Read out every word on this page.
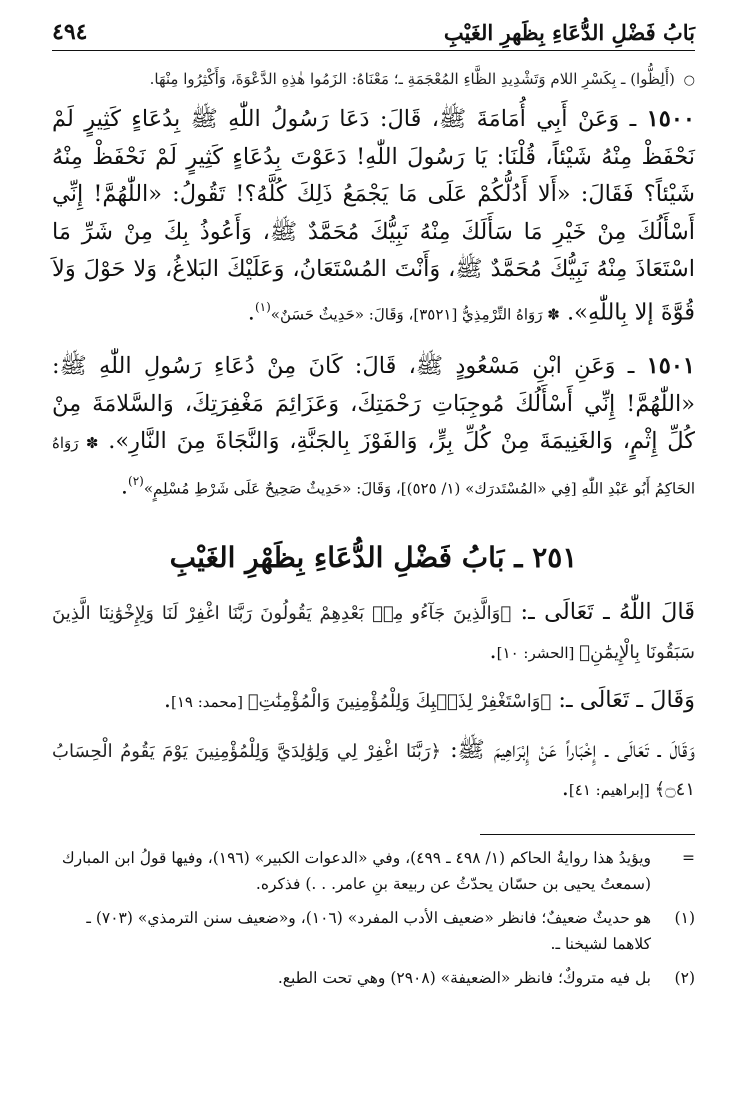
بَابُ فَضْلِ الدُّعَاءِ بِظَهرِ الغَيْبِ
٤٩٤

○ (أَلِظُّوا) ـ بِكَسْرِ اللام وَتَشْدِيدِ الظَّاءِ المُعْجَمَةِ ـ؛ مَعْنَاهُ: الزَمُوا هٰذِهِ الدَّعْوَةَ، وَأَكْثِرُوا مِنْهَا.

١٥٠٠ ـ وَعَنْ أَبِي أُمَامَةَ ﷺ، قَالَ: دَعَا رَسُولُ اللّٰهِ ﷺ بِدُعَاءٍ كَثِيرٍ لَمْ نَحْفَظْ مِنْهُ شَيْئاً، قُلْنَا: يَا رَسُولَ اللّٰهِ! دَعَوْتَ بِدُعَاءٍ كَثِيرٍ لَمْ نَحْفَظْ مِنْهُ شَيْئاً؟ فَقَالَ: «أَلا أَدُلُّكُمْ عَلَى مَا يَجْمَعُ ذَلِكَ كُلَّهُ؟! تَقُولُ: «اللّٰهُمَّ! إِنِّي أَسْأَلُكَ مِنْ خَيْرِ مَا سَأَلَكَ مِنْهُ نَبِيُّكَ مُحَمَّدٌ ﷺ، وَأَعُوذُ بِكَ مِنْ شَرِّ مَا اسْتَعَاذَ مِنْهُ نَبِيُّكَ مُحَمَّدٌ ﷺ، وَأَنْتَ المُسْتَعَانُ، وَعَلَيْكَ البَلاغُ، وَلا حَوْلَ وَلاَ قُوَّةَ إلا بِاللّٰهِ». ✽ رَوَاهُ التِّرْمِذِيُّ [٣٥٢١]، وَقَالَ: «حَدِيثٌ حَسَنٌ»$^{(١)}$.

١٥٠١ ـ وَعَنِ ابْنِ مَسْعُودٍ ﷺ، قَالَ: كَانَ مِنْ دُعَاءِ رَسُولِ اللّٰهِ ﷺ: «اللّٰهُمَّ! إِنِّي أَسْأَلُكَ مُوجِبَاتِ رَحْمَتِكَ، وَعَزَائِمَ مَغْفِرَتِكَ، وَالسَّلامَةَ مِنْ كُلِّ إِثْمٍ، وَالغَنِيمَةَ مِنْ كُلِّ بِرٍّ، وَالفَوْزَ بِالجَنَّةِ، وَالنَّجَاةَ مِنَ النَّارِ». ✽ رَوَاهُ الحَاكِمُ أَبُو عَبْدِ اللّٰهِ [فِي «المُسْتَدرَك» (١/ ٥٢٥)]، وَقَالَ: «حَدِيثٌ صَحِيحٌ عَلَى شَرْطِ مُسْلِمٍ»$^{(٢)}$.

٢٥١ ـ بَابُ فَضْلِ الدُّعَاءِ بِظَهْرِ الغَيْبِ

قَالَ اللّٰهُ ـ تَعَالَى ـ: ﴿وَالَّذِينَ جَآءُو مِنۢ بَعْدِهِمْ يَقُولُونَ رَبَّنَا اغْفِرْ لَنَا وَلِإِخْوَٰنِنَا الَّذِينَ سَبَقُونَا بِالْإِيمَٰنِ﴾ [الحشر: ١٠].

وَقَالَ ـ تَعَالَى ـ: ﴿وَاسْتَغْفِرْ لِذَنۢبِكَ وَلِلْمُؤْمِنِينَ وَالْمُؤْمِنَٰتِ﴾ [محمد: ١٩].

وَقَالَ ـ تَعَالَى ـ إِخْبَاراً عَنْ إِبْرَاهِيمَ ﷺ: ﴿رَبَّنَا اغْفِرْ لِي وَلِوَٰلِدَيَّ وَلِلْمُؤْمِنِينَ يَوْمَ يَقُومُ الْحِسَابُ ۝٤١﴾ [إبراهيم: ٤١].

=
ويؤيدُ هذا روايةُ الحاكم (١/ ٤٩٨ ـ ٤٩٩)، وفي «الدعوات الكبير» (١٩٦)، وفيها قولُ ابن المبارك (سمعتُ يحيى بن حسّان يحدّثُ عن ربيعة بنِ عامر. . .) فذكره.
(١)
هو حديثٌ ضعيفٌ؛ فانظر «ضعيف الأدب المفرد» (١٠٦)، و«ضعيف سنن الترمذي» (٧٠٣) ـ كلاهما لشيخنا ـ.
(٢)
بل فيه متروكٌ؛ فانظر «الضعيفة» (٢٩٠٨) وهي تحت الطبع.
